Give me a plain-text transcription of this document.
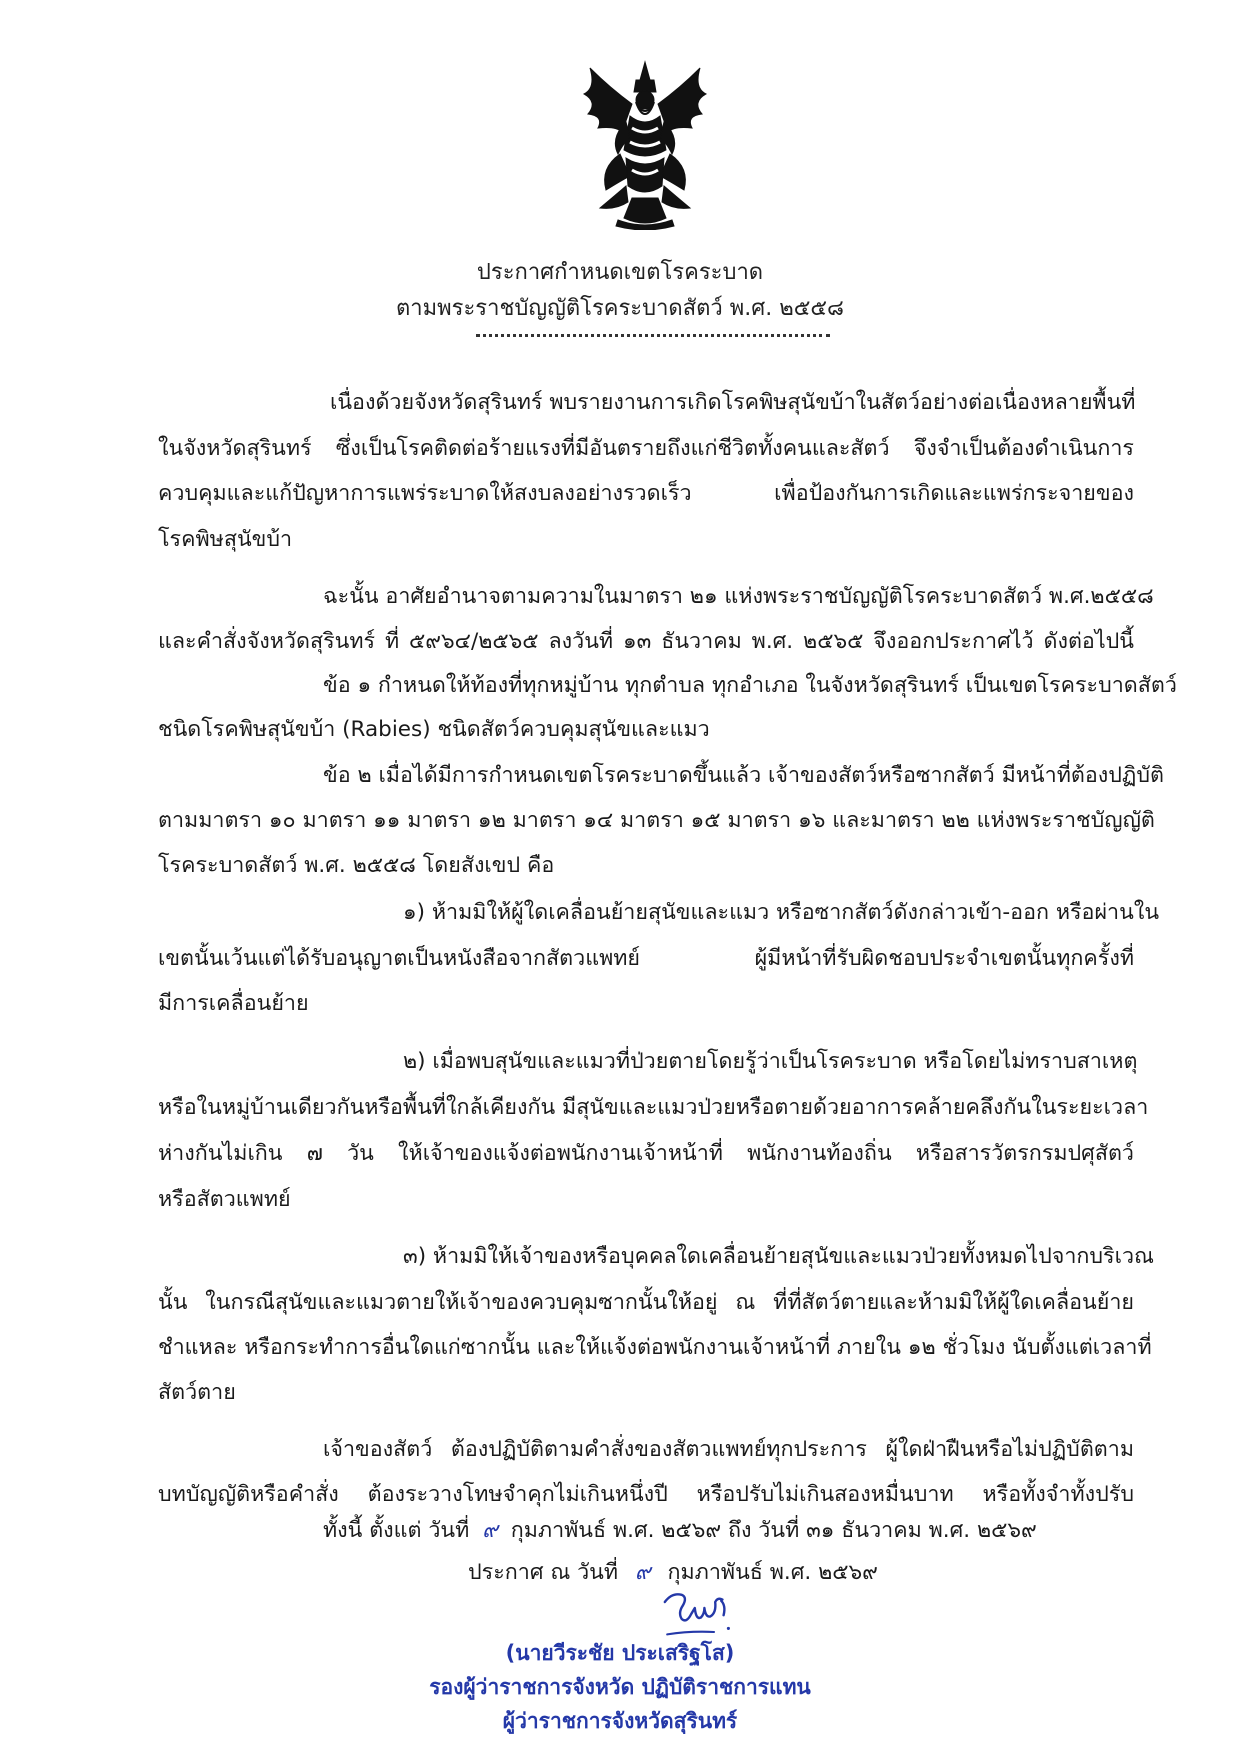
ประกาศกำหนดเขตโรคระบาด
ตามพระราชบัญญัติโรคระบาดสัตว์ พ.ศ. ๒๕๕๘
เนื่องด้วยจังหวัดสุรินทร์ พบรายงานการเกิดโรคพิษสุนัขบ้าในสัตว์อย่างต่อเนื่องหลายพื้นที่
ในจังหวัดสุรินทร์ ซึ่งเป็นโรคติดต่อร้ายแรงที่มีอันตรายถึงแก่ชีวิตทั้งคนและสัตว์ จึงจำเป็นต้องดำเนินการ
ควบคุมและแก้ปัญหาการแพร่ระบาดให้สงบลงอย่างรวดเร็ว เพื่อป้องกันการเกิดและแพร่กระจายของ
โรคพิษสุนัขบ้า
ฉะนั้น อาศัยอำนาจตามความในมาตรา ๒๑ แห่งพระราชบัญญัติโรคระบาดสัตว์ พ.ศ.๒๕๕๘
และคำสั่งจังหวัดสุรินทร์ ที่ ๕๙๖๔/๒๕๖๕ ลงวันที่ ๑๓ ธันวาคม พ.ศ. ๒๕๖๕ จึงออกประกาศไว้ ดังต่อไปนี้
ข้อ ๑ กำหนดให้ท้องที่ทุกหมู่บ้าน ทุกตำบล ทุกอำเภอ ในจังหวัดสุรินทร์ เป็นเขตโรคระบาดสัตว์
ชนิดโรคพิษสุนัขบ้า (Rabies) ชนิดสัตว์ควบคุมสุนัขและแมว
ข้อ ๒ เมื่อได้มีการกำหนดเขตโรคระบาดขึ้นแล้ว เจ้าของสัตว์หรือซากสัตว์ มีหน้าที่ต้องปฏิบัติ
ตามมาตรา ๑๐ มาตรา ๑๑ มาตรา ๑๒ มาตรา ๑๔ มาตรา ๑๕ มาตรา ๑๖ และมาตรา ๒๒ แห่งพระราชบัญญัติ
โรคระบาดสัตว์ พ.ศ. ๒๕๕๘ โดยสังเขป คือ
๑) ห้ามมิให้ผู้ใดเคลื่อนย้ายสุนัขและแมว หรือซากสัตว์ดังกล่าวเข้า-ออก หรือผ่านใน
เขตนั้นเว้นแต่ได้รับอนุญาตเป็นหนังสือจากสัตวแพทย์ ผู้มีหน้าที่รับผิดชอบประจำเขตนั้นทุกครั้งที่
มีการเคลื่อนย้าย
๒) เมื่อพบสุนัขและแมวที่ป่วยตายโดยรู้ว่าเป็นโรคระบาด หรือโดยไม่ทราบสาเหตุ
หรือในหมู่บ้านเดียวกันหรือพื้นที่ใกล้เคียงกัน มีสุนัขและแมวป่วยหรือตายด้วยอาการคล้ายคลึงกันในระยะเวลา
ห่างกันไม่เกิน ๗ วัน ให้เจ้าของแจ้งต่อพนักงานเจ้าหน้าที่ พนักงานท้องถิ่น หรือสารวัตรกรมปศุสัตว์
หรือสัตวแพทย์
๓) ห้ามมิให้เจ้าของหรือบุคคลใดเคลื่อนย้ายสุนัขและแมวป่วยทั้งหมดไปจากบริเวณ
นั้น ในกรณีสุนัขและแมวตายให้เจ้าของควบคุมซากนั้นให้อยู่ ณ ที่ที่สัตว์ตายและห้ามมิให้ผู้ใดเคลื่อนย้าย
ชำแหละ หรือกระทำการอื่นใดแก่ซากนั้น และให้แจ้งต่อพนักงานเจ้าหน้าที่ ภายใน ๑๒ ชั่วโมง นับตั้งแต่เวลาที่
สัตว์ตาย
เจ้าของสัตว์ ต้องปฏิบัติตามคำสั่งของสัตวแพทย์ทุกประการ ผู้ใดฝ่าฝืนหรือไม่ปฏิบัติตาม
บทบัญญัติหรือคำสั่ง ต้องระวางโทษจำคุกไม่เกินหนึ่งปี หรือปรับไม่เกินสองหมื่นบาท หรือทั้งจำทั้งปรับ
ทั้งนี้ ตั้งแต่ วันที่ ๙ กุมภาพันธ์ พ.ศ. ๒๕๖๙ ถึง วันที่ ๓๑ ธันวาคม พ.ศ. ๒๕๖๙
ประกาศ ณ วันที่ ๙ กุมภาพันธ์ พ.ศ. ๒๕๖๙
(นายวีระชัย ประเสริฐโส)
รองผู้ว่าราชการจังหวัด ปฏิบัติราชการแทน
ผู้ว่าราชการจังหวัดสุรินทร์
